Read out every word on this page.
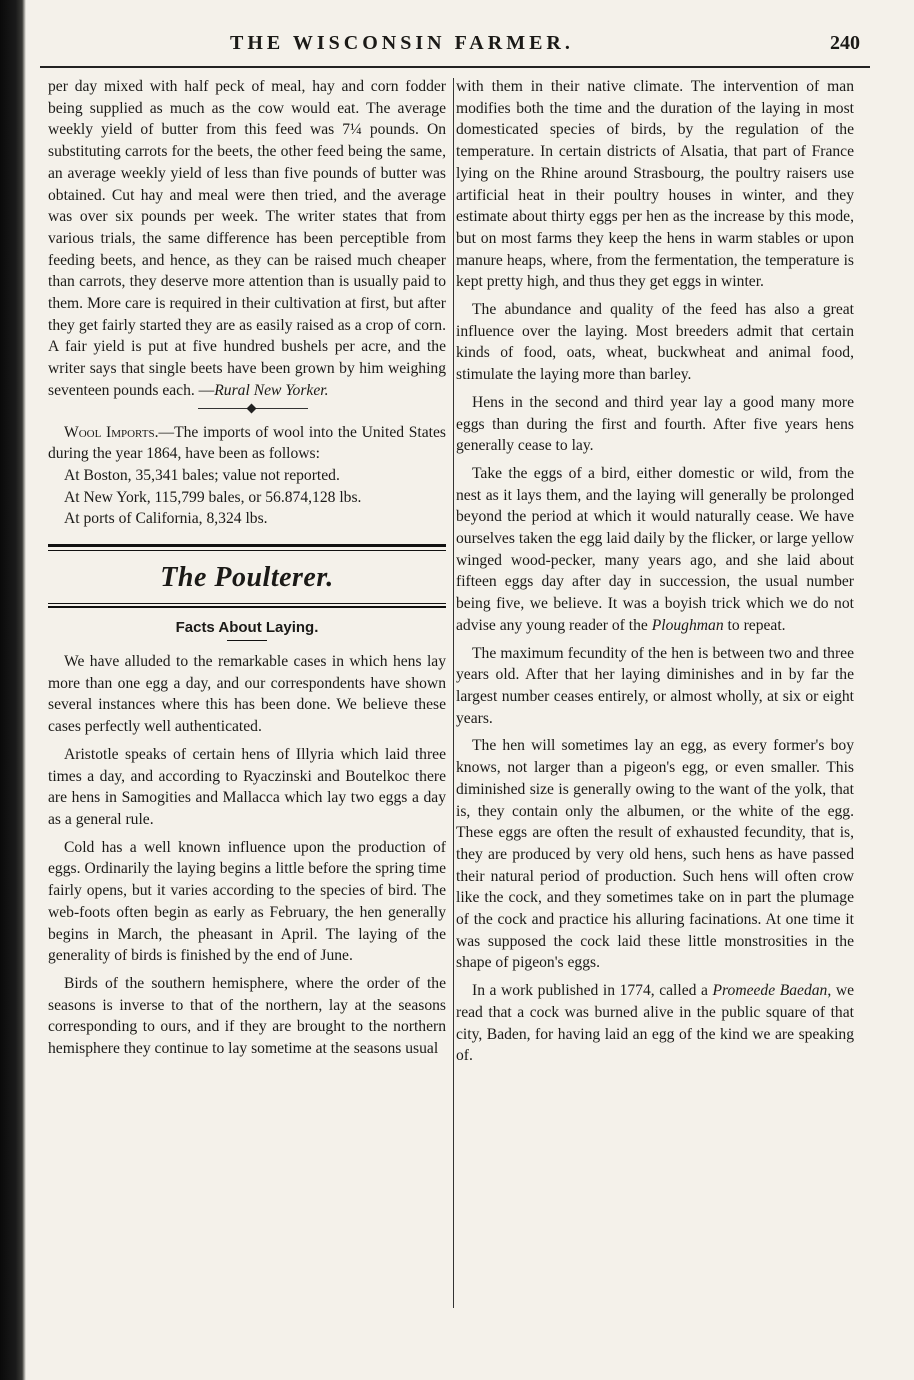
THE WISCONSIN FARMER.	240

per day mixed with half peck of meal, hay and corn fodder being supplied as much as the cow would eat. The average weekly yield of butter from this feed was 7¼ pounds. On substituting carrots for the beets, the other feed being the same, an average weekly yield of less than five pounds of butter was obtained. Cut hay and meal were then tried, and the average was over six pounds per week. The writer states that from various trials, the same difference has been perceptible from feeding beets, and hence, as they can be raised much cheaper than carrots, they deserve more attention than is usually paid to them. More care is required in their cultivation at first, but after they get fairly started they are as easily raised as a crop of corn. A fair yield is put at five hundred bushels per acre, and the writer says that single beets have been grown by him weighing seventeen pounds each. —Rural New Yorker.

Wool Imports.—The imports of wool into the United States during the year 1864, have been as follows:

At Boston, 35,341 bales; value not reported.

At New York, 115,799 bales, or 56.874,128 lbs.

At ports of California, 8,324 lbs.

The Poulterer.
Facts About Laying.

We have alluded to the remarkable cases in which hens lay more than one egg a day, and our correspondents have shown several instances where this has been done. We believe these cases perfectly well authenticated.

Aristotle speaks of certain hens of Illyria which laid three times a day, and according to Ryaczinski and Boutelkoc there are hens in Samogities and Mallacca which lay two eggs a day as a general rule.

Cold has a well known influence upon the production of eggs. Ordinarily the laying begins a little before the spring time fairly opens, but it varies according to the species of bird. The web-foots often begin as early as February, the hen generally begins in March, the pheasant in April. The laying of the generality of birds is finished by the end of June.

Birds of the southern hemisphere, where the order of the seasons is inverse to that of the northern, lay at the seasons corresponding to ours, and if they are brought to the northern hemisphere they continue to lay sometime at the seasons usual

with them in their native climate. The intervention of man modifies both the time and the duration of the laying in most domesticated species of birds, by the regulation of the temperature. In certain districts of Alsatia, that part of France lying on the Rhine around Strasbourg, the poultry raisers use artificial heat in their poultry houses in winter, and they estimate about thirty eggs per hen as the increase by this mode, but on most farms they keep the hens in warm stables or upon manure heaps, where, from the fermentation, the temperature is kept pretty high, and thus they get eggs in winter.

The abundance and quality of the feed has also a great influence over the laying. Most breeders admit that certain kinds of food, oats, wheat, buckwheat and animal food, stimulate the laying more than barley.

Hens in the second and third year lay a good many more eggs than during the first and fourth. After five years hens generally cease to lay.

Take the eggs of a bird, either domestic or wild, from the nest as it lays them, and the laying will generally be prolonged beyond the period at which it would naturally cease. We have ourselves taken the egg laid daily by the flicker, or large yellow winged wood-pecker, many years ago, and she laid about fifteen eggs day after day in succession, the usual number being five, we believe. It was a boyish trick which we do not advise any young reader of the Ploughman to repeat.

The maximum fecundity of the hen is between two and three years old. After that her laying diminishes and in by far the largest number ceases entirely, or almost wholly, at six or eight years.

The hen will sometimes lay an egg, as every former's boy knows, not larger than a pigeon's egg, or even smaller. This diminished size is generally owing to the want of the yolk, that is, they contain only the albumen, or the white of the egg. These eggs are often the result of exhausted fecundity, that is, they are produced by very old hens, such hens as have passed their natural period of production. Such hens will often crow like the cock, and they sometimes take on in part the plumage of the cock and practice his alluring facinations. At one time it was supposed the cock laid these little monstrosities in the shape of pigeon's eggs.

In a work published in 1774, called a Promeede Baedan, we read that a cock was burned alive in the public square of that city, Baden, for having laid an egg of the kind we are speaking of.
